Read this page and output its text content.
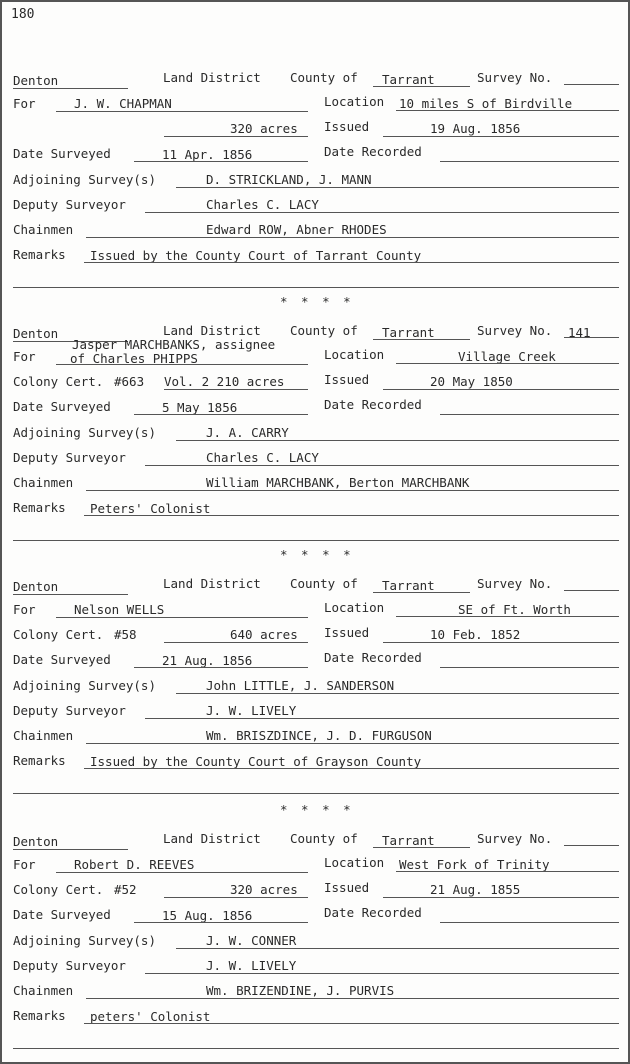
180
Denton	Land District County of Tarrant	Survey No.
For	J. W. CHAPMAN	Location 10 miles S of Birdville
320 acres Issued	19 Aug. 1856
Date Surveyed	11 Apr. 1856	Date Recorded
Adjoining Survey(s)	D. STRICKLAND, J. MANN
Deputy Surveyor	Charles C. LACY
Chainmen	Edward ROW, Abner RHODES
Remarks Issued by the County Court of Tarrant County
* * * *
Denton	Land District County of Tarrant	Survey No. 141
For
Jasper MARCHBANKS, assignee
of Charles PHIPPS	Location	Village Creek
Colony Cert. #663 Vol. 2 210 acres	Issued	20 May 1850
Date Surveyed	5 May 1856	Date Recorded
Adjoining Survey(s)	J. A. CARRY
Deputy Surveyor	Charles C. LACY
Chainmen	William MARCHBANK, Berton MARCHBANK
Remarks Peters' Colonist
* * * *
Denton	Land District County of Tarrant	Survey No.
For	Nelson WELLS	Location	SE of Ft. Worth
Colony Cert. #58	640 acres Issued	10 Feb. 1852
Date Surveyed	21 Aug. 1856	Date Recorded
Adjoining Survey(s)	John LITTLE, J. SANDERSON
Deputy Surveyor	J. W. LIVELY
Chainmen	Wm. BRISZDINCE, J. D. FURGUSON
Remarks Issued by the County Court of Grayson County
* * * *
Denton	Land District County of Tarrant	Survey No.
For	Robert D. REEVES	Location West Fork of Trinity
Colony Cert. #52	320 acres Issued	21 Aug. 1855
Date Surveyed	15 Aug. 1856	Date Recorded
Adjoining Survey(s)	J. W. CONNER
Deputy Surveyor	J. W. LIVELY
Chainmen	Wm. BRIZENDINE, J. PURVIS
Remarks peters' Colonist
